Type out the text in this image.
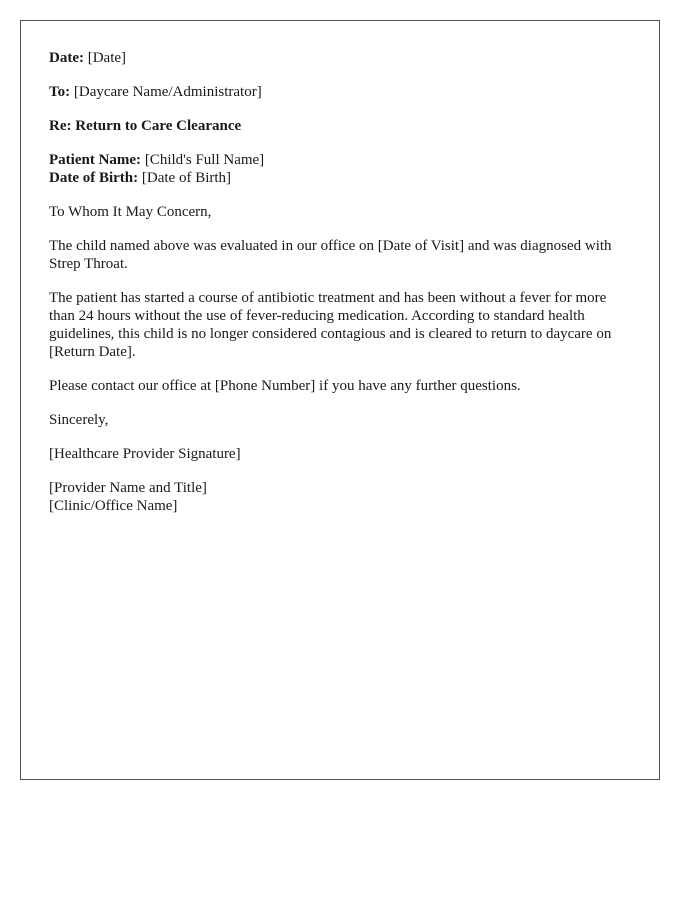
Date: [Date]
To: [Daycare Name/Administrator]
Re: Return to Care Clearance
Patient Name: [Child's Full Name]
Date of Birth: [Date of Birth]
To Whom It May Concern,
The child named above was evaluated in our office on [Date of Visit] and was diagnosed with Strep Throat.
The patient has started a course of antibiotic treatment and has been without a fever for more than 24 hours without the use of fever-reducing medication. According to standard health guidelines, this child is no longer considered contagious and is cleared to return to daycare on [Return Date].
Please contact our office at [Phone Number] if you have any further questions.
Sincerely,
[Healthcare Provider Signature]
[Provider Name and Title]
[Clinic/Office Name]
